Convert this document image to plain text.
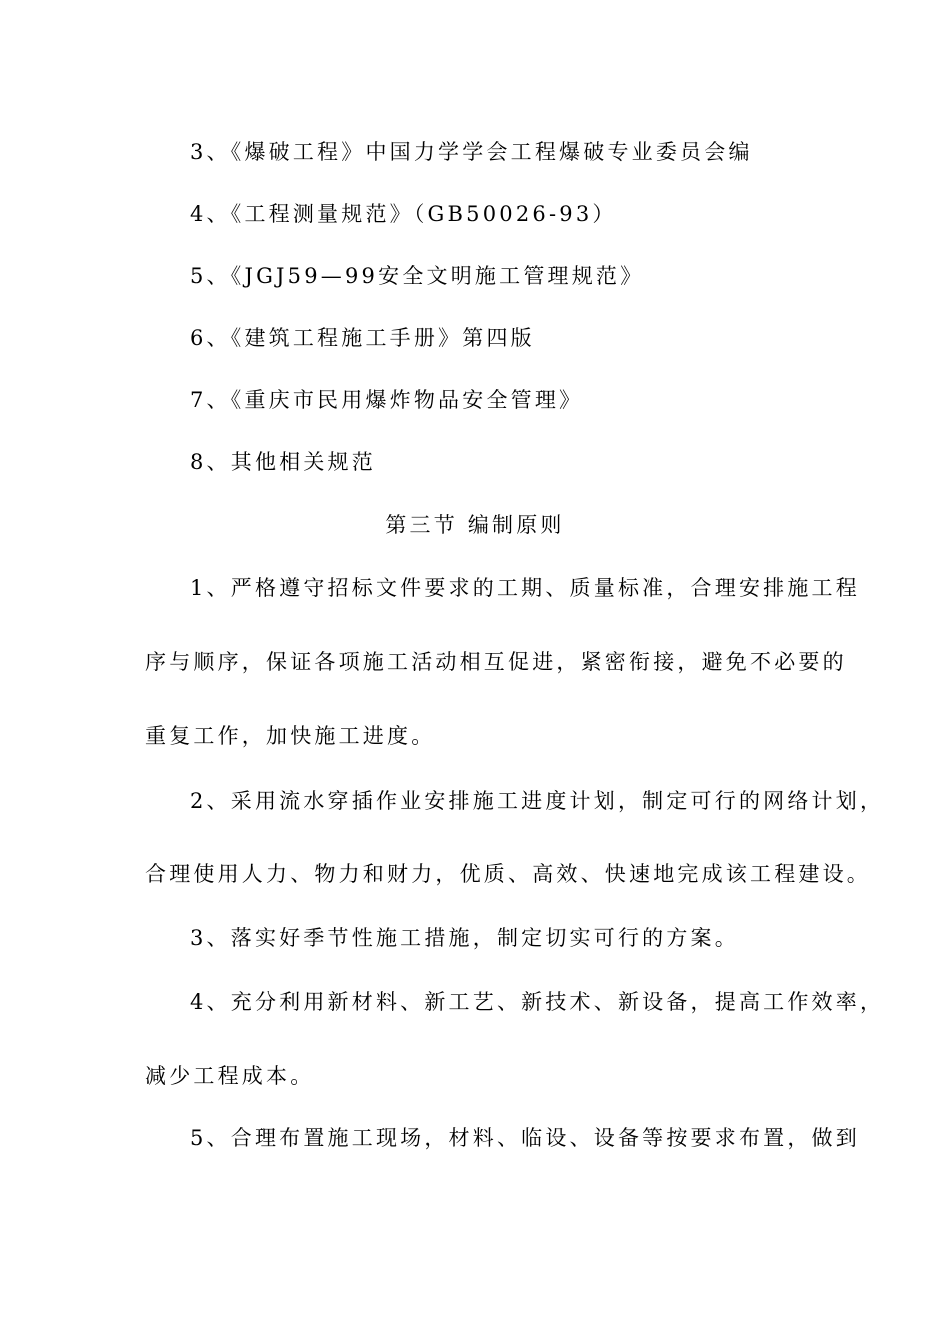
3、《爆破工程》中国力学学会工程爆破专业委员会编
4、《工程测量规范》（GB50026-93）
5、《JGJ59—99安全文明施工管理规范》
6、《建筑工程施工手册》第四版
7、《重庆市民用爆炸物品安全管理》
8、其他相关规范
第三节 编制原则
1、严格遵守招标文件要求的工期、质量标准，合理安排施工程
序与顺序，保证各项施工活动相互促进，紧密衔接，避免不必要的
重复工作，加快施工进度。
2、采用流水穿插作业安排施工进度计划，制定可行的网络计划，
合理使用人力、物力和财力，优质、高效、快速地完成该工程建设。
3、落实好季节性施工措施，制定切实可行的方案。
4、充分利用新材料、新工艺、新技术、新设备，提高工作效率，
减少工程成本。
5、合理布置施工现场，材料、临设、设备等按要求布置，做到
